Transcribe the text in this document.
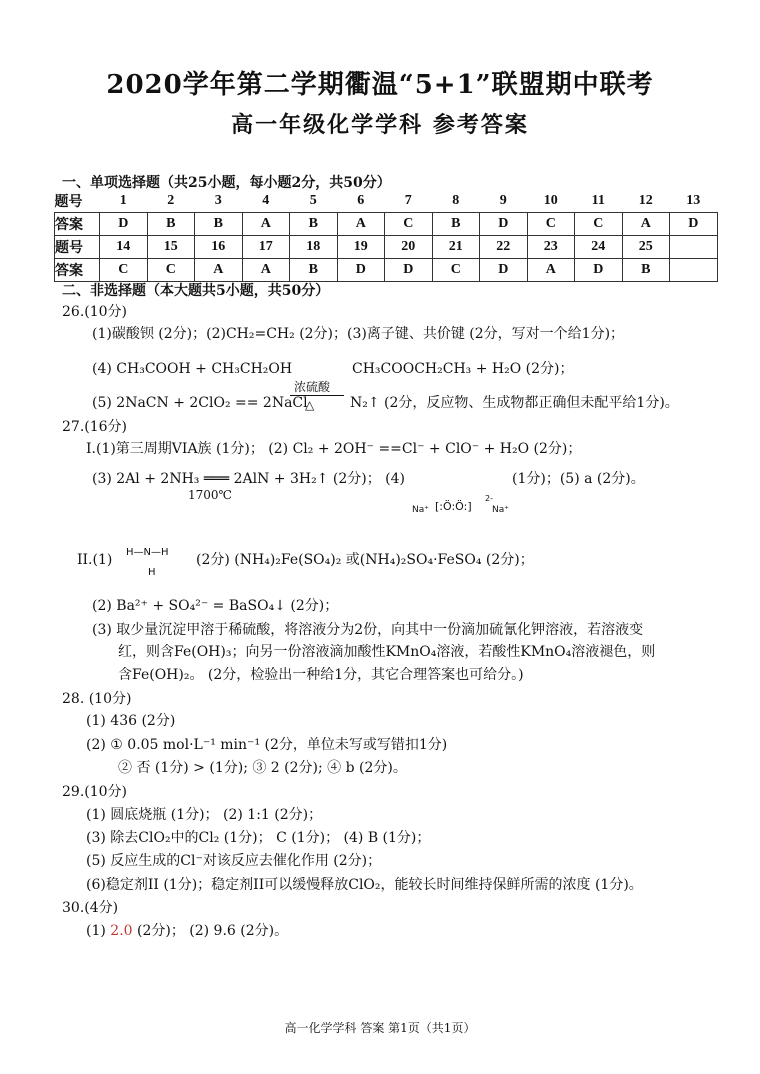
2020学年第二学期衢温“5+1”联盟期中联考
高一年级化学学科 参考答案
一、单项选择题（共25小题，每小题2分，共50分）
题号	1	2	3	4	5	6	7	8	9	10	11	12	13
答案	D	B	B	A	B	A	C	B	D	C	C	A	D
题号	14	15	16	17	18	19	20	21	22	23	24	25	
答案	C	C	A	A	B	D	D	C	D	A	D	B	
二、非选择题（本大题共5小题，共50分）
26.(10分)
(1)碳酸钡 (2分)；(2)CH₂=CH₂ (2分)；(3)离子键、共价键 (2分，写对一个给1分)；
(4) CH₃COOH + CH₃CH₂OH	CH₃COOCH₂CH₃ + H₂O (2分)；
(5) 2NaCN + 2ClO₂ == 2NaCl
浓硫酸
△	N₂↑ (2分，反应物、生成物都正确但未配平给1分)。
27.(16分)
I.(1)第三周期VIA族 (1分)； (2) Cl₂ + 2OH⁻ ==Cl⁻ + ClO⁻ + H₂O (2分)；
(3) 2Al + 2NH₃ ═══ 2AlN + 3H₂↑ (2分)； (4)	(1分)；(5) a (2分)。
1700℃
Na⁺ [:Ö:Ö:]
2-
Na⁺
II.(1) H—N—H
H
(2分) (NH₄)₂Fe(SO₄)₂ 或(NH₄)₂SO₄·FeSO₄ (2分)；
(2) Ba²⁺ + SO₄²⁻ = BaSO₄↓ (2分)；
(3) 取少量沉淀甲溶于稀硫酸，将溶液分为2份，向其中一份滴加硫氰化钾溶液，若溶液变
红，则含Fe(OH)₃；向另一份溶液滴加酸性KMnO₄溶液，若酸性KMnO₄溶液褪色，则
含Fe(OH)₂。 (2分，检验出一种给1分，其它合理答案也可给分。)
28. (10分)
(1) 436 (2分)
(2) ① 0.05 mol·L⁻¹ min⁻¹ (2分，单位未写或写错扣1分)
② 否 (1分) > (1分); ③ 2 (2分); ④ b (2分)。
29.(10分)
(1) 圆底烧瓶 (1分)； (2) 1:1 (2分)；
(3) 除去ClO₂中的Cl₂ (1分)； C (1分)； (4) B (1分)；
(5) 反应生成的Cl⁻对该反应去催化作用 (2分)；
(6)稳定剂II (1分)；稳定剂II可以缓慢释放ClO₂，能较长时间维持保鲜所需的浓度 (1分)。
30.(4分)
(1) 2.0 (2分)； (2) 9.6 (2分)。
高一化学学科 答案 第1页（共1页）
